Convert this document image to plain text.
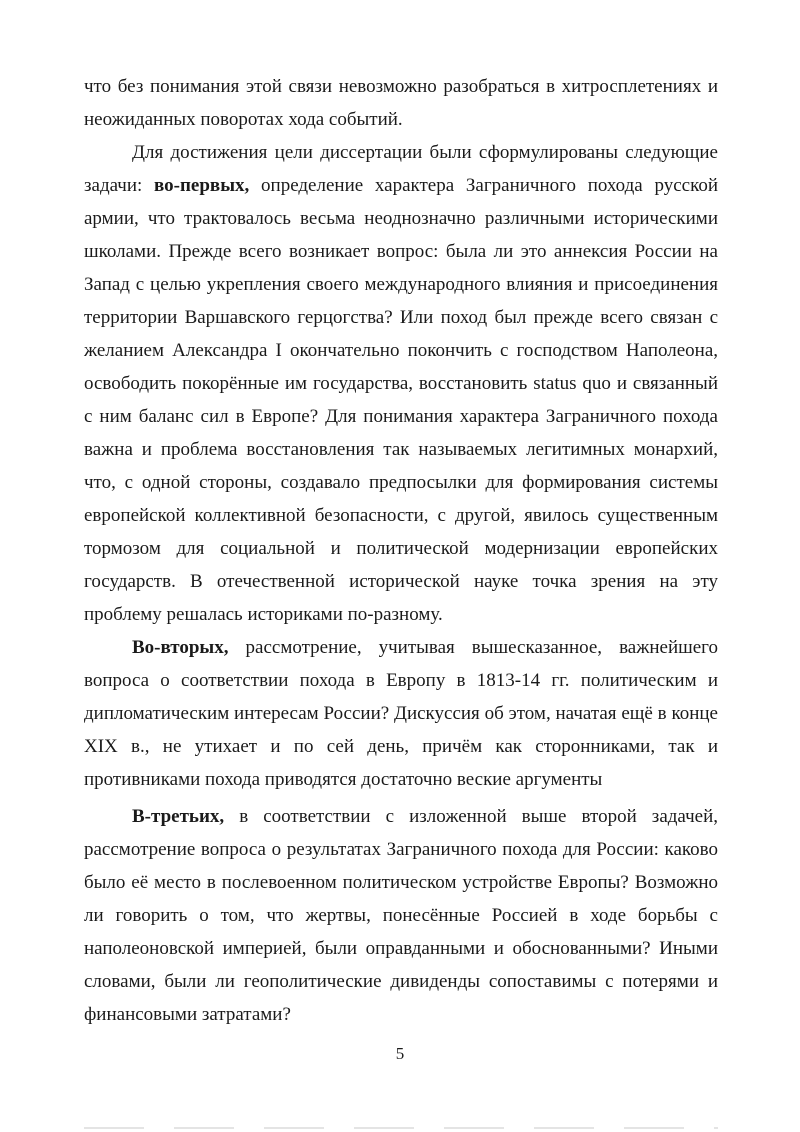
что без понимания этой связи невозможно разобраться в хитросплетениях и
неожиданных поворотах хода событий.
Для достижения цели диссертации были сформулированы следующие
задачи: во-первых, определение характера Заграничного похода русской
армии, что трактовалось весьма неоднозначно различными историческими
школами. Прежде всего возникает вопрос: была ли это аннексия России на
Запад с целью укрепления своего международного влияния и присоединения
территории Варшавского герцогства? Или поход был прежде всего связан с
желанием Александра I окончательно покончить с господством Наполеона,
освободить покорённые им государства, восстановить status quo и связанный
с ним баланс сил в Европе? Для понимания характера Заграничного похода
важна и проблема восстановления так называемых легитимных монархий,
что, с одной стороны, создавало предпосылки для формирования системы
европейской коллективной безопасности, с другой, явилось существенным
тормозом для социальной и политической модернизации европейских
государств. В отечественной исторической науке точка зрения на эту
проблему решалась историками по-разному.
Во-вторых, рассмотрение, учитывая вышесказанное, важнейшего
вопроса о соответствии похода в Европу в 1813-14 гг. политическим и
дипломатическим интересам России? Дискуссия об этом, начатая ещё в конце
XIX в., не утихает и по сей день, причём как сторонниками, так и
противниками похода приводятся достаточно веские аргументы
В-третьих, в соответствии с изложенной выше второй задачей,
рассмотрение вопроса о результатах Заграничного похода для России: каково
было её место в послевоенном политическом устройстве Европы? Возможно
ли говорить о том, что жертвы, понесённые Россией в ходе борьбы с
наполеоновской империей, были оправданными и обоснованными? Иными
словами, были ли геополитические дивиденды сопоставимы с потерями и
финансовыми затратами?
5
